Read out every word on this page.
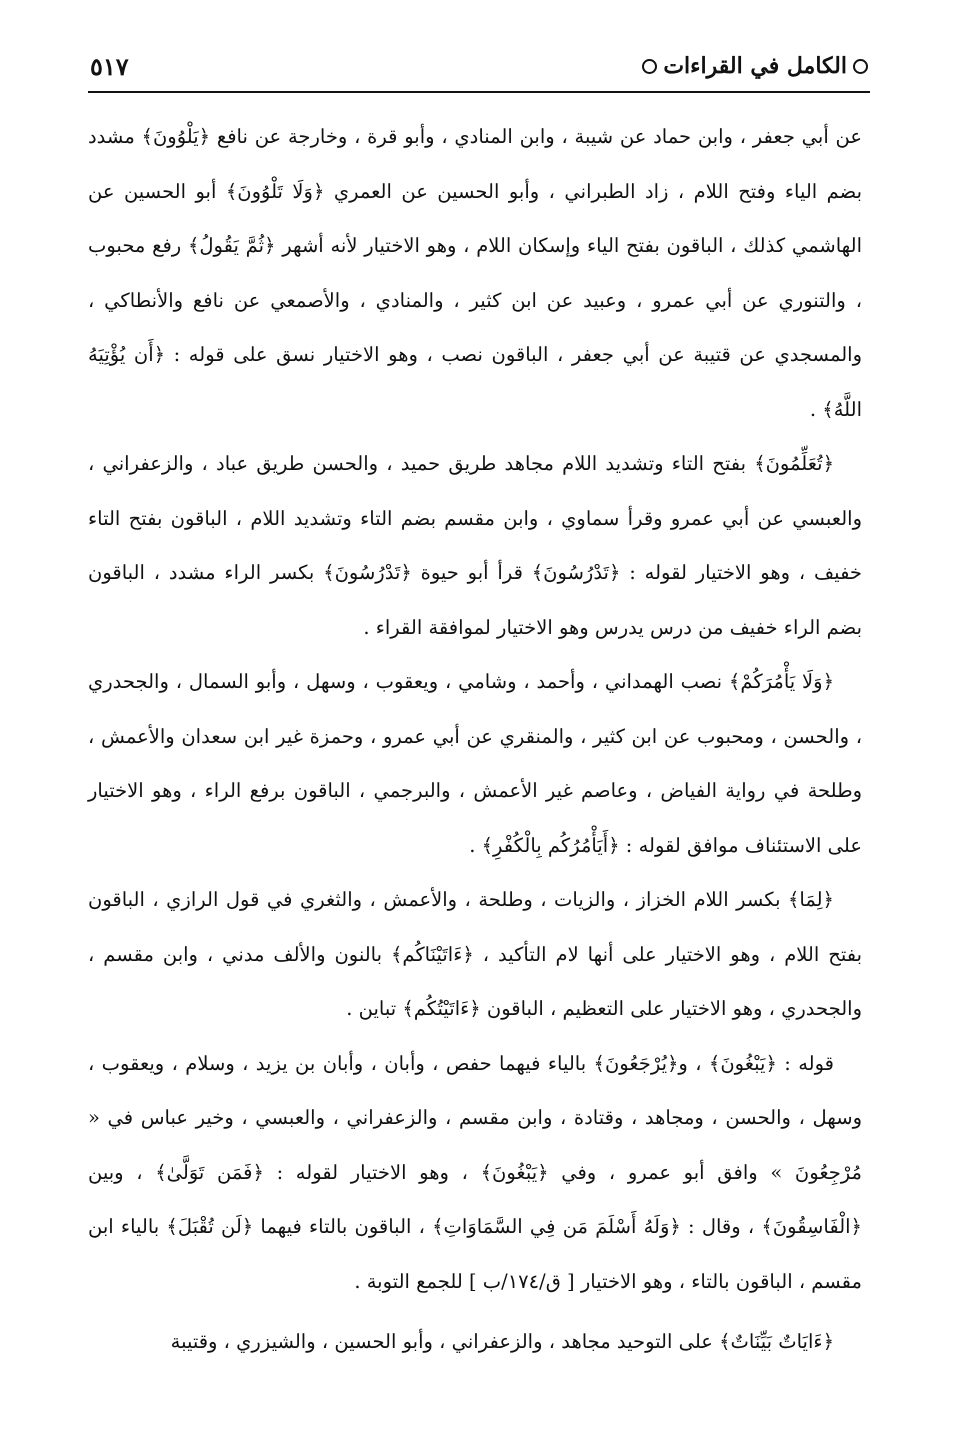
الكامل في القراءات
٥١٧

عن أبي جعفر ، وابن حماد عن شيبة ، وابن المنادي ، وأبو قرة ، وخارجة عن نافع ﴿يَلْوُونَ﴾ مشدد بضم الياء وفتح اللام ، زاد الطبراني ، وأبو الحسين عن العمري ﴿وَلَا تَلْوُونَ﴾ أبو الحسين عن الهاشمي كذلك ، الباقون بفتح الياء وإسكان اللام ، وهو الاختيار لأنه أشهر ﴿ثُمَّ يَقُولُ﴾ رفع محبوب ، والتنوري عن أبي عمرو ، وعبيد عن ابن كثير ، والمنادي ، والأصمعي عن نافع والأنطاكي ، والمسجدي عن قتيبة عن أبي جعفر ، الباقون نصب ، وهو الاختيار نسق على قوله : ﴿أَن يُؤْتِيَهُ اللَّهُ﴾ .

﴿تُعَلِّمُونَ﴾ بفتح التاء وتشديد اللام مجاهد طريق حميد ، والحسن طريق عباد ، والزعفراني ، والعبسي عن أبي عمرو وقرأ سماوي ، وابن مقسم بضم التاء وتشديد اللام ، الباقون بفتح التاء خفيف ، وهو الاختيار لقوله : ﴿تَدْرُسُونَ﴾ قرأ أبو حيوة ﴿تَدْرُسُونَ﴾ بكسر الراء مشدد ، الباقون بضم الراء خفيف من درس يدرس وهو الاختيار لموافقة القراء .

﴿وَلَا يَأْمُرَكُمْ﴾ نصب الهمداني ، وأحمد ، وشامي ، ويعقوب ، وسهل ، وأبو السمال ، والجحدري ، والحسن ، ومحبوب عن ابن كثير ، والمنقري عن أبي عمرو ، وحمزة غير ابن سعدان والأعمش ، وطلحة في رواية الفياض ، وعاصم غير الأعمش ، والبرجمي ، الباقون برفع الراء ، وهو الاختيار على الاستئناف موافق لقوله : ﴿أَيَأْمُرُكُم بِالْكُفْرِ﴾ .

﴿لِمَا﴾ بكسر اللام الخزاز ، والزيات ، وطلحة ، والأعمش ، والثغري في قول الرازي ، الباقون بفتح اللام ، وهو الاختيار على أنها لام التأكيد ، ﴿ءَاتَيْنَاكُم﴾ بالنون والألف مدني ، وابن مقسم ، والجحدري ، وهو الاختيار على التعظيم ، الباقون ﴿ءَاتَيْتُكُم﴾ تباين .

قوله : ﴿يَبْغُونَ﴾ ، و﴿يُرْجَعُونَ﴾ بالياء فيهما حفص ، وأبان ، وأبان بن يزيد ، وسلام ، ويعقوب ، وسهل ، والحسن ، ومجاهد ، وقتادة ، وابن مقسم ، والزعفراني ، والعبسي ، وخير عباس في « مُرْجِعُونَ » وافق أبو عمرو ، وفي ﴿يَبْغُونَ﴾ ، وهو الاختيار لقوله : ﴿فَمَن تَوَلَّىٰ﴾ ، وبين ﴿الْفَاسِقُونَ﴾ ، وقال : ﴿وَلَهُ أَسْلَمَ مَن فِي السَّمَاوَاتِ﴾ ، الباقون بالتاء فيهما ﴿لَن تُقْبَلَ﴾ بالياء ابن مقسم ، الباقون بالتاء ، وهو الاختيار [ ق/١٧٤/ب ] للجمع التوبة .

﴿ءَايَاتٌ بَيِّنَاتٌ﴾ على التوحيد مجاهد ، والزعفراني ، وأبو الحسين ، والشيزري ، وقتيبة
